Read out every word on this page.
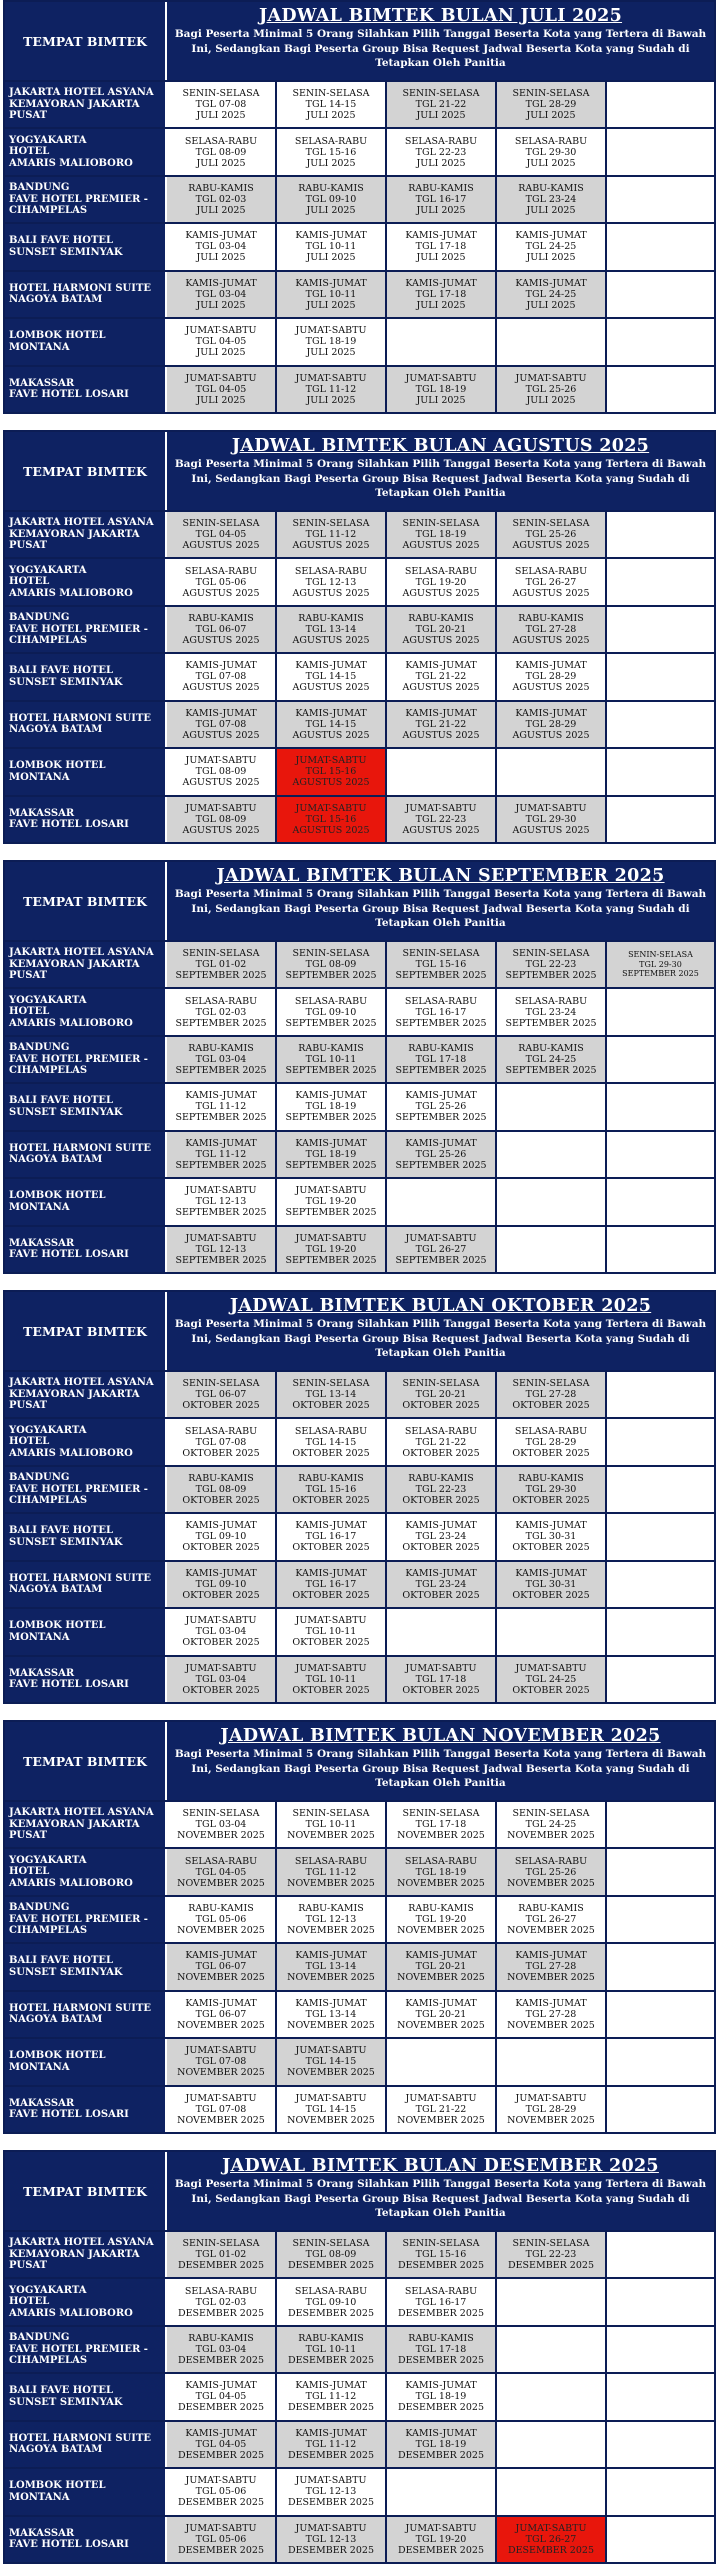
TEMPAT BIMTEK
JADWAL BIMTEK BULAN JULI 2025
Bagi Peserta Minimal 5 Orang Silahkan Pilih Tanggal Beserta Kota yang Tertera di Bawah Ini, Sedangkan Bagi Peserta Group Bisa Request Jadwal Beserta Kota yang Sudah di Tetapkan Oleh Panitia
JAKARTA HOTEL ASYANA
KEMAYORAN JAKARTA
PUSAT
SENIN-SELASA
TGL 07-08
JULI 2025
SENIN-SELASA
TGL 14-15
JULI 2025
SENIN-SELASA
TGL 21-22
JULI 2025
SENIN-SELASA
TGL 28-29
JULI 2025
YOGYAKARTA
HOTEL
AMARIS MALIOBORO
SELASA-RABU
TGL 08-09
JULI 2025
SELASA-RABU
TGL 15-16
JULI 2025
SELASA-RABU
TGL 22-23
JULI 2025
SELASA-RABU
TGL 29-30
JULI 2025
BANDUNG
FAVE HOTEL PREMIER -
CIHAMPELAS
RABU-KAMIS
TGL 02-03
JULI 2025
RABU-KAMIS
TGL 09-10
JULI 2025
RABU-KAMIS
TGL 16-17
JULI 2025
RABU-KAMIS
TGL 23-24
JULI 2025
BALI FAVE HOTEL
SUNSET SEMINYAK
KAMIS-JUMAT
TGL 03-04
JULI 2025
KAMIS-JUMAT
TGL 10-11
JULI 2025
KAMIS-JUMAT
TGL 17-18
JULI 2025
KAMIS-JUMAT
TGL 24-25
JULI 2025
HOTEL HARMONI SUITE
NAGOYA BATAM
KAMIS-JUMAT
TGL 03-04
JULI 2025
KAMIS-JUMAT
TGL 10-11
JULI 2025
KAMIS-JUMAT
TGL 17-18
JULI 2025
KAMIS-JUMAT
TGL 24-25
JULI 2025
LOMBOK HOTEL
MONTANA
JUMAT-SABTU
TGL 04-05
JULI 2025
JUMAT-SABTU
TGL 18-19
JULI 2025
MAKASSAR
FAVE HOTEL LOSARI
JUMAT-SABTU
TGL 04-05
JULI 2025
JUMAT-SABTU
TGL 11-12
JULI 2025
JUMAT-SABTU
TGL 18-19
JULI 2025
JUMAT-SABTU
TGL 25-26
JULI 2025
TEMPAT BIMTEK
JADWAL BIMTEK BULAN AGUSTUS 2025
Bagi Peserta Minimal 5 Orang Silahkan Pilih Tanggal Beserta Kota yang Tertera di Bawah Ini, Sedangkan Bagi Peserta Group Bisa Request Jadwal Beserta Kota yang Sudah di Tetapkan Oleh Panitia
JAKARTA HOTEL ASYANA
KEMAYORAN JAKARTA
PUSAT
SENIN-SELASA
TGL 04-05
AGUSTUS 2025
SENIN-SELASA
TGL 11-12
AGUSTUS 2025
SENIN-SELASA
TGL 18-19
AGUSTUS 2025
SENIN-SELASA
TGL 25-26
AGUSTUS 2025
YOGYAKARTA
HOTEL
AMARIS MALIOBORO
SELASA-RABU
TGL 05-06
AGUSTUS 2025
SELASA-RABU
TGL 12-13
AGUSTUS 2025
SELASA-RABU
TGL 19-20
AGUSTUS 2025
SELASA-RABU
TGL 26-27
AGUSTUS 2025
BANDUNG
FAVE HOTEL PREMIER -
CIHAMPELAS
RABU-KAMIS
TGL 06-07
AGUSTUS 2025
RABU-KAMIS
TGL 13-14
AGUSTUS 2025
RABU-KAMIS
TGL 20-21
AGUSTUS 2025
RABU-KAMIS
TGL 27-28
AGUSTUS 2025
BALI FAVE HOTEL
SUNSET SEMINYAK
KAMIS-JUMAT
TGL 07-08
AGUSTUS 2025
KAMIS-JUMAT
TGL 14-15
AGUSTUS 2025
KAMIS-JUMAT
TGL 21-22
AGUSTUS 2025
KAMIS-JUMAT
TGL 28-29
AGUSTUS 2025
HOTEL HARMONI SUITE
NAGOYA BATAM
KAMIS-JUMAT
TGL 07-08
AGUSTUS 2025
KAMIS-JUMAT
TGL 14-15
AGUSTUS 2025
KAMIS-JUMAT
TGL 21-22
AGUSTUS 2025
KAMIS-JUMAT
TGL 28-29
AGUSTUS 2025
LOMBOK HOTEL
MONTANA
JUMAT-SABTU
TGL 08-09
AGUSTUS 2025
JUMAT-SABTU
TGL 15-16
AGUSTUS 2025
MAKASSAR
FAVE HOTEL LOSARI
JUMAT-SABTU
TGL 08-09
AGUSTUS 2025
JUMAT-SABTU
TGL 15-16
AGUSTUS 2025
JUMAT-SABTU
TGL 22-23
AGUSTUS 2025
JUMAT-SABTU
TGL 29-30
AGUSTUS 2025
TEMPAT BIMTEK
JADWAL BIMTEK BULAN SEPTEMBER 2025
Bagi Peserta Minimal 5 Orang Silahkan Pilih Tanggal Beserta Kota yang Tertera di Bawah Ini, Sedangkan Bagi Peserta Group Bisa Request Jadwal Beserta Kota yang Sudah di Tetapkan Oleh Panitia
JAKARTA HOTEL ASYANA
KEMAYORAN JAKARTA
PUSAT
SENIN-SELASA
TGL 01-02
SEPTEMBER 2025
SENIN-SELASA
TGL 08-09
SEPTEMBER 2025
SENIN-SELASA
TGL 15-16
SEPTEMBER 2025
SENIN-SELASA
TGL 22-23
SEPTEMBER 2025
SENIN-SELASA
TGL 29-30
SEPTEMBER 2025
YOGYAKARTA
HOTEL
AMARIS MALIOBORO
SELASA-RABU
TGL 02-03
SEPTEMBER 2025
SELASA-RABU
TGL 09-10
SEPTEMBER 2025
SELASA-RABU
TGL 16-17
SEPTEMBER 2025
SELASA-RABU
TGL 23-24
SEPTEMBER 2025
BANDUNG
FAVE HOTEL PREMIER -
CIHAMPELAS
RABU-KAMIS
TGL 03-04
SEPTEMBER 2025
RABU-KAMIS
TGL 10-11
SEPTEMBER 2025
RABU-KAMIS
TGL 17-18
SEPTEMBER 2025
RABU-KAMIS
TGL 24-25
SEPTEMBER 2025
BALI FAVE HOTEL
SUNSET SEMINYAK
KAMIS-JUMAT
TGL 11-12
SEPTEMBER 2025
KAMIS-JUMAT
TGL 18-19
SEPTEMBER 2025
KAMIS-JUMAT
TGL 25-26
SEPTEMBER 2025
HOTEL HARMONI SUITE
NAGOYA BATAM
KAMIS-JUMAT
TGL 11-12
SEPTEMBER 2025
KAMIS-JUMAT
TGL 18-19
SEPTEMBER 2025
KAMIS-JUMAT
TGL 25-26
SEPTEMBER 2025
LOMBOK HOTEL
MONTANA
JUMAT-SABTU
TGL 12-13
SEPTEMBER 2025
JUMAT-SABTU
TGL 19-20
SEPTEMBER 2025
MAKASSAR
FAVE HOTEL LOSARI
JUMAT-SABTU
TGL 12-13
SEPTEMBER 2025
JUMAT-SABTU
TGL 19-20
SEPTEMBER 2025
JUMAT-SABTU
TGL 26-27
SEPTEMBER 2025
TEMPAT BIMTEK
JADWAL BIMTEK BULAN OKTOBER 2025
Bagi Peserta Minimal 5 Orang Silahkan Pilih Tanggal Beserta Kota yang Tertera di Bawah Ini, Sedangkan Bagi Peserta Group Bisa Request Jadwal Beserta Kota yang Sudah di Tetapkan Oleh Panitia
JAKARTA HOTEL ASYANA
KEMAYORAN JAKARTA
PUSAT
SENIN-SELASA
TGL 06-07
OKTOBER 2025
SENIN-SELASA
TGL 13-14
OKTOBER 2025
SENIN-SELASA
TGL 20-21
OKTOBER 2025
SENIN-SELASA
TGL 27-28
OKTOBER 2025
YOGYAKARTA
HOTEL
AMARIS MALIOBORO
SELASA-RABU
TGL 07-08
OKTOBER 2025
SELASA-RABU
TGL 14-15
OKTOBER 2025
SELASA-RABU
TGL 21-22
OKTOBER 2025
SELASA-RABU
TGL 28-29
OKTOBER 2025
BANDUNG
FAVE HOTEL PREMIER -
CIHAMPELAS
RABU-KAMIS
TGL 08-09
OKTOBER 2025
RABU-KAMIS
TGL 15-16
OKTOBER 2025
RABU-KAMIS
TGL 22-23
OKTOBER 2025
RABU-KAMIS
TGL 29-30
OKTOBER 2025
BALI FAVE HOTEL
SUNSET SEMINYAK
KAMIS-JUMAT
TGL 09-10
OKTOBER 2025
KAMIS-JUMAT
TGL 16-17
OKTOBER 2025
KAMIS-JUMAT
TGL 23-24
OKTOBER 2025
KAMIS-JUMAT
TGL 30-31
OKTOBER 2025
HOTEL HARMONI SUITE
NAGOYA BATAM
KAMIS-JUMAT
TGL 09-10
OKTOBER 2025
KAMIS-JUMAT
TGL 16-17
OKTOBER 2025
KAMIS-JUMAT
TGL 23-24
OKTOBER 2025
KAMIS-JUMAT
TGL 30-31
OKTOBER 2025
LOMBOK HOTEL
MONTANA
JUMAT-SABTU
TGL 03-04
OKTOBER 2025
JUMAT-SABTU
TGL 10-11
OKTOBER 2025
MAKASSAR
FAVE HOTEL LOSARI
JUMAT-SABTU
TGL 03-04
OKTOBER 2025
JUMAT-SABTU
TGL 10-11
OKTOBER 2025
JUMAT-SABTU
TGL 17-18
OKTOBER 2025
JUMAT-SABTU
TGL 24-25
OKTOBER 2025
TEMPAT BIMTEK
JADWAL BIMTEK BULAN NOVEMBER 2025
Bagi Peserta Minimal 5 Orang Silahkan Pilih Tanggal Beserta Kota yang Tertera di Bawah Ini, Sedangkan Bagi Peserta Group Bisa Request Jadwal Beserta Kota yang Sudah di Tetapkan Oleh Panitia
JAKARTA HOTEL ASYANA
KEMAYORAN JAKARTA
PUSAT
SENIN-SELASA
TGL 03-04
NOVEMBER 2025
SENIN-SELASA
TGL 10-11
NOVEMBER 2025
SENIN-SELASA
TGL 17-18
NOVEMBER 2025
SENIN-SELASA
TGL 24-25
NOVEMBER 2025
YOGYAKARTA
HOTEL
AMARIS MALIOBORO
SELASA-RABU
TGL 04-05
NOVEMBER 2025
SELASA-RABU
TGL 11-12
NOVEMBER 2025
SELASA-RABU
TGL 18-19
NOVEMBER 2025
SELASA-RABU
TGL 25-26
NOVEMBER 2025
BANDUNG
FAVE HOTEL PREMIER -
CIHAMPELAS
RABU-KAMIS
TGL 05-06
NOVEMBER 2025
RABU-KAMIS
TGL 12-13
NOVEMBER 2025
RABU-KAMIS
TGL 19-20
NOVEMBER 2025
RABU-KAMIS
TGL 26-27
NOVEMBER 2025
BALI FAVE HOTEL
SUNSET SEMINYAK
KAMIS-JUMAT
TGL 06-07
NOVEMBER 2025
KAMIS-JUMAT
TGL 13-14
NOVEMBER 2025
KAMIS-JUMAT
TGL 20-21
NOVEMBER 2025
KAMIS-JUMAT
TGL 27-28
NOVEMBER 2025
HOTEL HARMONI SUITE
NAGOYA BATAM
KAMIS-JUMAT
TGL 06-07
NOVEMBER 2025
KAMIS-JUMAT
TGL 13-14
NOVEMBER 2025
KAMIS-JUMAT
TGL 20-21
NOVEMBER 2025
KAMIS-JUMAT
TGL 27-28
NOVEMBER 2025
LOMBOK HOTEL
MONTANA
JUMAT-SABTU
TGL 07-08
NOVEMBER 2025
JUMAT-SABTU
TGL 14-15
NOVEMBER 2025
MAKASSAR
FAVE HOTEL LOSARI
JUMAT-SABTU
TGL 07-08
NOVEMBER 2025
JUMAT-SABTU
TGL 14-15
NOVEMBER 2025
JUMAT-SABTU
TGL 21-22
NOVEMBER 2025
JUMAT-SABTU
TGL 28-29
NOVEMBER 2025
TEMPAT BIMTEK
JADWAL BIMTEK BULAN DESEMBER 2025
Bagi Peserta Minimal 5 Orang Silahkan Pilih Tanggal Beserta Kota yang Tertera di Bawah Ini, Sedangkan Bagi Peserta Group Bisa Request Jadwal Beserta Kota yang Sudah di Tetapkan Oleh Panitia
JAKARTA HOTEL ASYANA
KEMAYORAN JAKARTA
PUSAT
SENIN-SELASA
TGL 01-02
DESEMBER 2025
SENIN-SELASA
TGL 08-09
DESEMBER 2025
SENIN-SELASA
TGL 15-16
DESEMBER 2025
SENIN-SELASA
TGL 22-23
DESEMBER 2025
YOGYAKARTA
HOTEL
AMARIS MALIOBORO
SELASA-RABU
TGL 02-03
DESEMBER 2025
SELASA-RABU
TGL 09-10
DESEMBER 2025
SELASA-RABU
TGL 16-17
DESEMBER 2025
BANDUNG
FAVE HOTEL PREMIER -
CIHAMPELAS
RABU-KAMIS
TGL 03-04
DESEMBER 2025
RABU-KAMIS
TGL 10-11
DESEMBER 2025
RABU-KAMIS
TGL 17-18
DESEMBER 2025
BALI FAVE HOTEL
SUNSET SEMINYAK
KAMIS-JUMAT
TGL 04-05
DESEMBER 2025
KAMIS-JUMAT
TGL 11-12
DESEMBER 2025
KAMIS-JUMAT
TGL 18-19
DESEMBER 2025
HOTEL HARMONI SUITE
NAGOYA BATAM
KAMIS-JUMAT
TGL 04-05
DESEMBER 2025
KAMIS-JUMAT
TGL 11-12
DESEMBER 2025
KAMIS-JUMAT
TGL 18-19
DESEMBER 2025
LOMBOK HOTEL
MONTANA
JUMAT-SABTU
TGL 05-06
DESEMBER 2025
JUMAT-SABTU
TGL 12-13
DESEMBER 2025
MAKASSAR
FAVE HOTEL LOSARI
JUMAT-SABTU
TGL 05-06
DESEMBER 2025
JUMAT-SABTU
TGL 12-13
DESEMBER 2025
JUMAT-SABTU
TGL 19-20
DESEMBER 2025
JUMAT-SABTU
TGL 26-27
DESEMBER 2025
